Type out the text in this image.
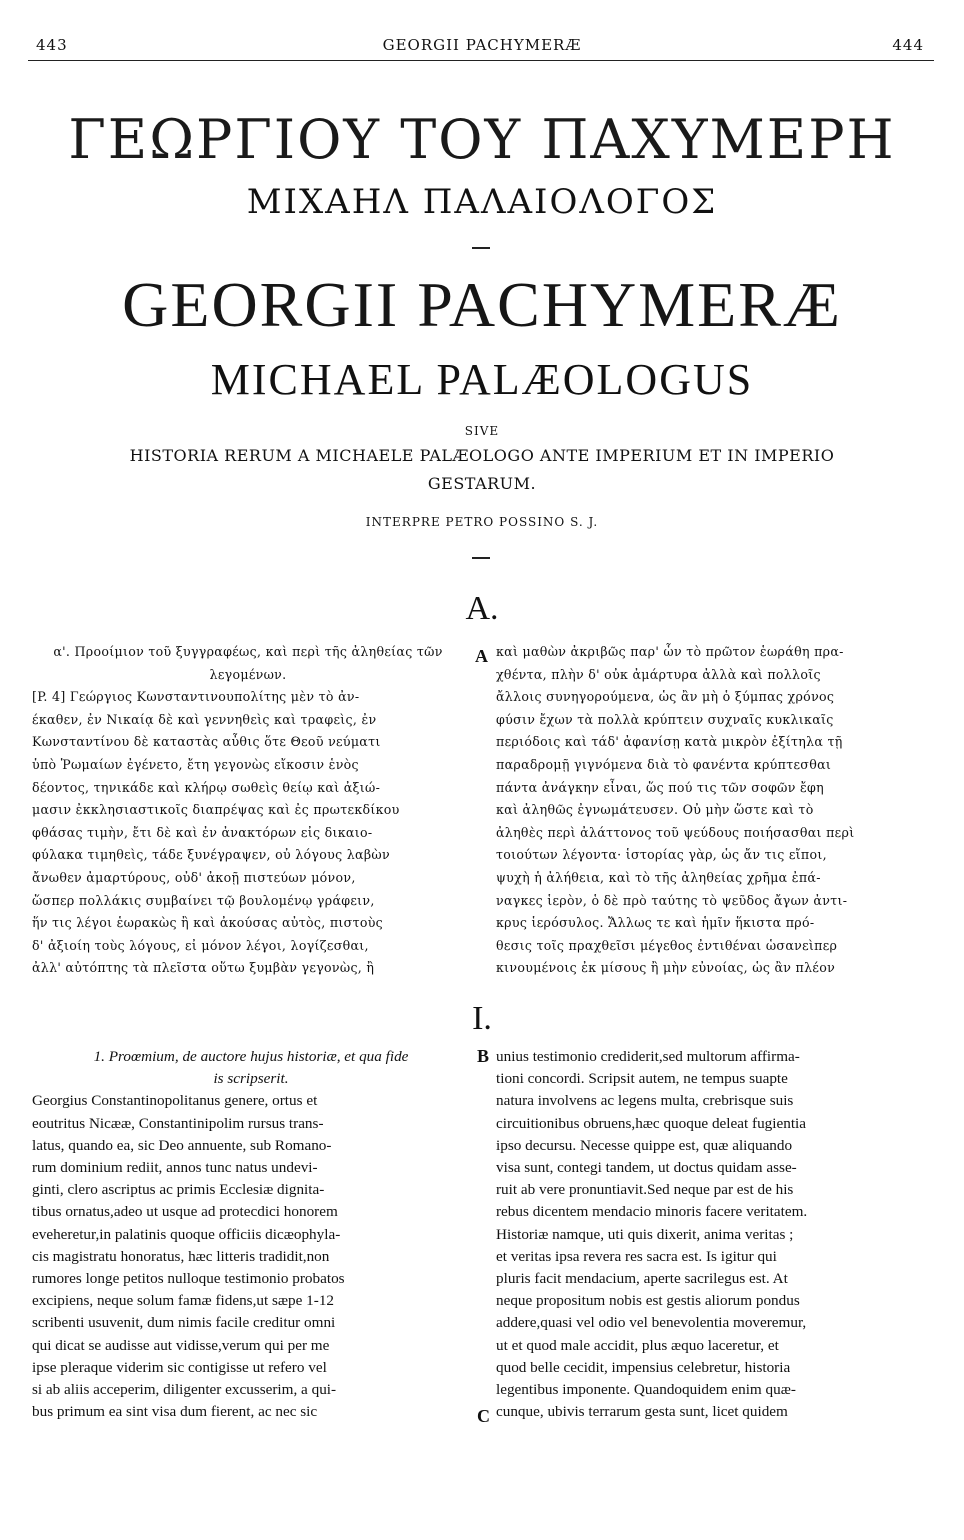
443	GEORGII PACHYMERÆ	444
ΓΕΩΡΓΙΟΥ ΤΟΥ ΠΑΧΥΜΕΡΗ
ΜΙΧΑΗΛ ΠΑΛΑΙΟΛΟΓΟΣ
GEORGII PACHYMERÆ
MICHAEL PALÆOLOGUS
SIVE
HISTORIA RERUM A MICHAELE PALÆOLOGO ANTE IMPERIUM ET IN IMPERIO
GESTARUM.
INTERPRE PETRO POSSINO S. J.
A.
α'. Προοίμιον τοῦ ξυγγραφέως, καὶ περὶ τῆς ἀληθείας τῶν λεγομένων.
[P. 4] Γεώργιος Κωνσταντινουπολίτης μὲν τὸ ἀν-
έκαθεν, ἐν Νικαίᾳ δὲ καὶ γεννηθεὶς καὶ τραφεὶς, ἐν
Κωνσταντίνου δὲ καταστὰς αὖθις ὅτε Θεοῦ νεύματι
ὑπὸ Ῥωμαίων ἐγένετο, ἔτη γεγονὼς εἴκοσιν ἑνὸς
δέοντος, τηνικάδε καὶ κλήρῳ σωθεὶς θείῳ καὶ ἀξιώ-
μασιν ἐκκλησιαστικοῖς διαπρέψας καὶ ἐς πρωτεκδίκου
φθάσας τιμὴν, ἔτι δὲ καὶ ἐν ἀνακτόρων εἰς δικαιο-
φύλακα τιμηθεὶς, τάδε ξυνέγραψεν, οὐ λόγους λαβὼν
ἄνωθεν ἀμαρτύρους, οὐδ' ἀκοῇ πιστεύων μόνον,
ὥσπερ πολλάκις συμβαίνει τῷ βουλομένῳ γράφειν,
ἥν τις λέγοι ἑωρακὼς ἢ καὶ ἀκούσας αὐτὸς, πιστοὺς
δ' ἀξιοίη τοὺς λόγους, εἰ μόνον λέγοι, λογίζεσθαι,
ἀλλ' αὐτόπτης τὰ πλεῖστα οὕτω ξυμβὰν γεγονὼς, ἢ
A καὶ μαθὼν ἀκριβῶς παρ' ὧν τὸ πρῶτον ἑωράθη πρα-
χθέντα, πλὴν δ' οὐκ ἀμάρτυρα ἀλλὰ καὶ πολλοῖς
ἄλλοις συνηγορούμενα, ὡς ἂν μὴ ὁ ξύμπας χρόνος
φύσιν ἔχων τὰ πολλὰ κρύπτειν συχναῖς κυκλικαῖς
περιόδοις καὶ τάδ' ἀφανίσῃ κατὰ μικρὸν ἐξίτηλα τῇ
παραδρομῇ γιγνόμενα διὰ τὸ φανέντα κρύπτεσθαι
πάντα ἀνάγκην εἶναι, ὥς πού τις τῶν σοφῶν ἔφη
καὶ ἀληθῶς ἐγνωμάτευσεν. Οὐ μὴν ὥστε καὶ τὸ
ἀληθὲς περὶ ἀλάττονος τοῦ ψεύδους ποιήσασθαι περὶ
τοιούτων λέγοντα· ἱστορίας γὰρ, ὡς ἄν τις εἴποι,
ψυχὴ ἡ ἀλήθεια, καὶ τὸ τῆς ἀληθείας χρῆμα ἐπά-
ναγκες ἱερὸν, ὁ δὲ πρὸ ταύτης τὸ ψεῦδος ἄγων ἀντι-
κρυς ἱερόσυλος. Ἄλλως τε καὶ ἡμῖν ἥκιστα πρό-
θεσις τοῖς πραχθεῖσι μέγεθος ἐντιθέναι ὡσανεὶπερ
κινουμένοις ἐκ μίσους ἢ μὴν εὐνοίας, ὡς ἂν πλέον
I.
1. Proœmium, de auctore hujus historiæ, et qua fide
is scripserit.
Georgius Constantinopolitanus genere, ortus et
eoutritus Nicææ, Constantinipolim rursus trans-
latus, quando ea, sic Deo annuente, sub Romano-
rum dominium rediit, annos tunc natus undevi-
ginti, clero ascriptus ac primis Ecclesiæ dignita-
tibus ornatus,adeo ut usque ad protecdici honorem
eveheretur,in palatinis quoque officiis dicæophyla-
cis magistratu honoratus, hæc litteris tradidit,non
rumores longe petitos nulloque testimonio probatos
excipiens, neque solum famæ fidens,ut sæpe 1-12
scribenti usuvenit, dum nimis facile creditur omni
qui dicat se audisse aut vidisse,verum qui per me
ipse pleraque viderim sic contigisse ut refero vel
si ab aliis acceperim, diligenter excusserim, a qui-
bus primum ea sint visa dum fierent, ac nec sic
B
C
unius testimonio crediderit,sed multorum affirma-
tioni concordi. Scripsit autem, ne tempus suapte
natura involvens ac legens multa, crebrisque suis
circuitionibus obruens,hæc quoque deleat fugientia
ipso decursu. Necesse quippe est, quæ aliquando
visa sunt, contegi tandem, ut doctus quidam asse-
ruit ab vere pronuntiavit.Sed neque par est de his
rebus dicentem mendacio minoris facere veritatem.
Historiæ namque, uti quis dixerit, anima veritas ;
et veritas ipsa revera res sacra est. Is igitur qui
pluris facit mendacium, aperte sacrilegus est. At
neque propositum nobis est gestis aliorum pondus
addere,quasi vel odio vel benevolentia moveremur,
ut et quod male accidit, plus æquo laceretur, et
quod belle cecidit, impensius celebretur, historia
legentibus imponente. Quandoquidem enim quæ-
cunque, ubivis terrarum gesta sunt, licet quidem
